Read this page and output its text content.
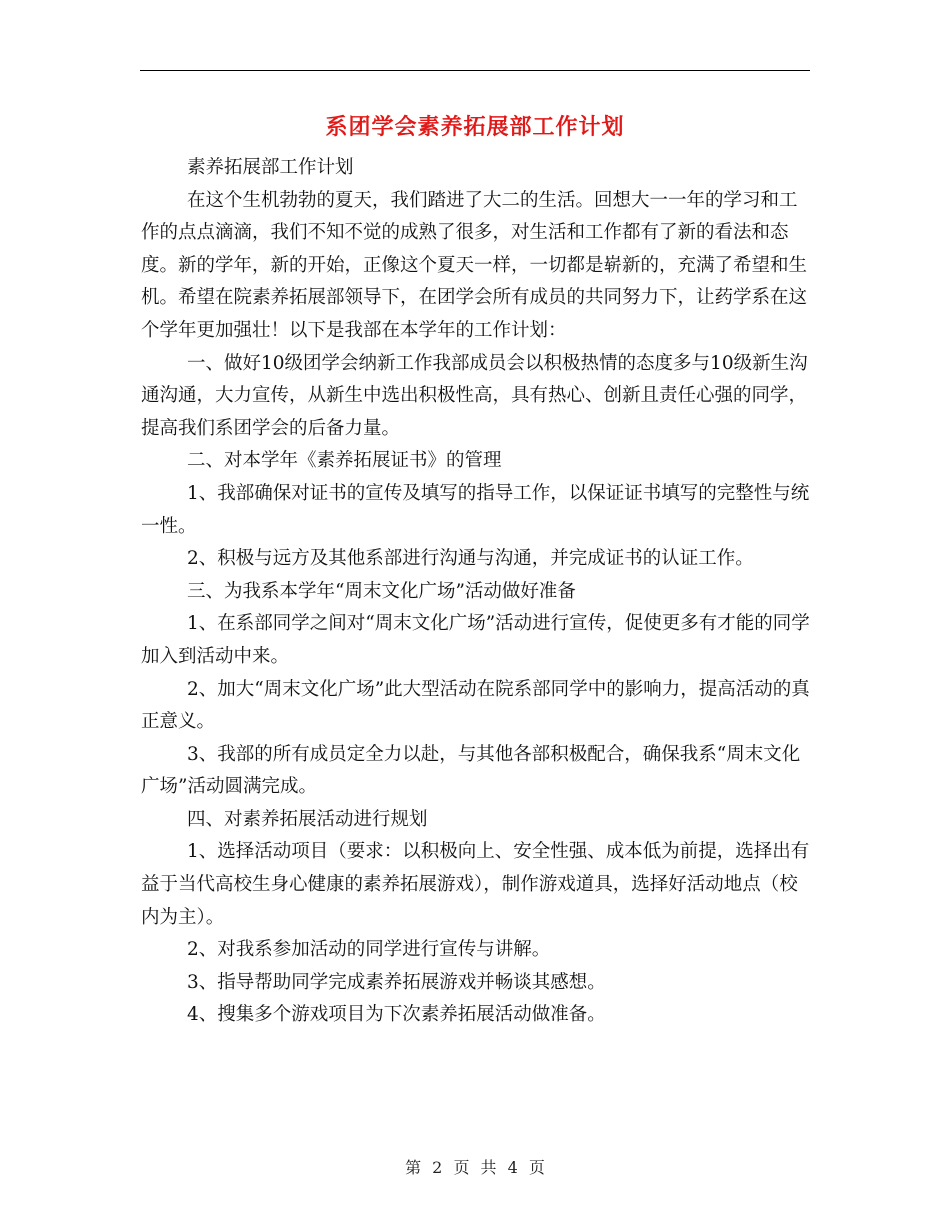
系团学会素养拓展部工作计划

素养拓展部工作计划

在这个生机勃勃的夏天，我们踏进了大二的生活。回想大一一年的学习和工作的点点滴滴，我们不知不觉的成熟了很多，对生活和工作都有了新的看法和态度。新的学年，新的开始，正像这个夏天一样，一切都是崭新的，充满了希望和生机。希望在院素养拓展部领导下，在团学会所有成员的共同努力下，让药学系在这个学年更加强壮！以下是我部在本学年的工作计划：

一、做好10级团学会纳新工作我部成员会以积极热情的态度多与10级新生沟通沟通，大力宣传，从新生中选出积极性高，具有热心、创新且责任心强的同学，提高我们系团学会的后备力量。

二、对本学年《素养拓展证书》的管理

1、我部确保对证书的宣传及填写的指导工作，以保证证书填写的完整性与统一性。

2、积极与远方及其他系部进行沟通与沟通，并完成证书的认证工作。

三、为我系本学年“周末文化广场”活动做好准备

1、在系部同学之间对“周末文化广场”活动进行宣传，促使更多有才能的同学加入到活动中来。

2、加大“周末文化广场”此大型活动在院系部同学中的影响力，提高活动的真正意义。

3、我部的所有成员定全力以赴，与其他各部积极配合，确保我系“周末文化广场”活动圆满完成。

四、对素养拓展活动进行规划

1、选择活动项目（要求：以积极向上、安全性强、成本低为前提，选择出有益于当代高校生身心健康的素养拓展游戏），制作游戏道具，选择好活动地点（校内为主）。

2、对我系参加活动的同学进行宣传与讲解。

3、指导帮助同学完成素养拓展游戏并畅谈其感想。

4、搜集多个游戏项目为下次素养拓展活动做准备。

第 2 页 共 4 页
